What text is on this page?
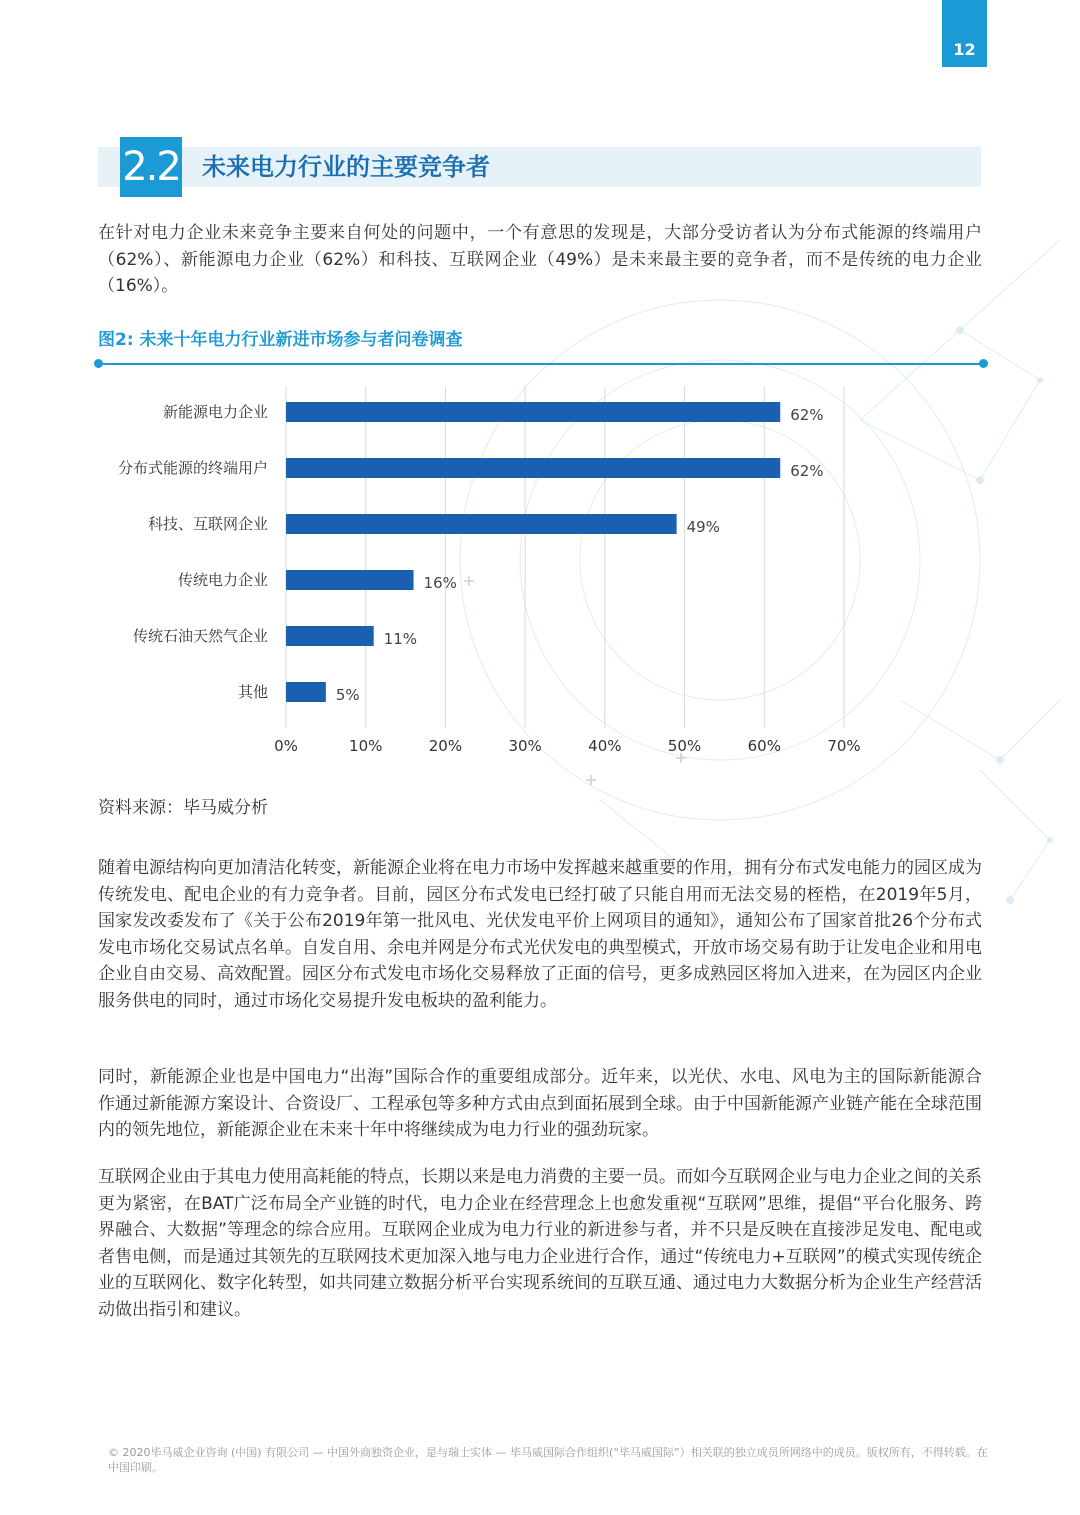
12
2.2 未来电力行业的主要竞争者

在针对电力企业未来竞争主要来自何处的问题中，一个有意思的发现是，大部分受访者认为分布式能源的终端用户（62%）、新能源电力企业（62%）和科技、互联网企业（49%）是未来最主要的竞争者，而不是传统的电力企业（16%）。

图2: 未来十年电力行业新进市场参与者问卷调查
0%	10%	20%	30%	40%	50%	60%	70%
新能源电力企业	62%
分布式能源的终端用户	62%
科技、互联网企业	49%
传统电力企业	16%
传统石油天然气企业	11%
其他	5%
资料来源：毕马威分析

随着电源结构向更加清洁化转变，新能源企业将在电力市场中发挥越来越重要的作用，拥有分布式发电能力的园区成为传统发电、配电企业的有力竞争者。目前，园区分布式发电已经打破了只能自用而无法交易的桎梏，在2019年5月，国家发改委发布了《关于公布2019年第一批风电、光伏发电平价上网项目的通知》，通知公布了国家首批26个分布式发电市场化交易试点名单。自发自用、余电并网是分布式光伏发电的典型模式，开放市场交易有助于让发电企业和用电企业自由交易、高效配置。园区分布式发电市场化交易释放了正面的信号，更多成熟园区将加入进来，在为园区内企业服务供电的同时，通过市场化交易提升发电板块的盈利能力。

同时，新能源企业也是中国电力“出海”国际合作的重要组成部分。近年来，以光伏、水电、风电为主的国际新能源合作通过新能源方案设计、合资设厂、工程承包等多种方式由点到面拓展到全球。由于中国新能源产业链产能在全球范围内的领先地位，新能源企业在未来十年中将继续成为电力行业的强劲玩家。

互联网企业由于其电力使用高耗能的特点，长期以来是电力消费的主要一员。而如今互联网企业与电力企业之间的关系更为紧密，在BAT广泛布局全产业链的时代，电力企业在经营理念上也愈发重视“互联网”思维，提倡“平台化服务、跨界融合、大数据”等理念的综合应用。互联网企业成为电力行业的新进参与者，并不只是反映在直接涉足发电、配电或者售电侧，而是通过其领先的互联网技术更加深入地与电力企业进行合作，通过“传统电力+互联网”的模式实现传统企业的互联网化、数字化转型，如共同建立数据分析平台实现系统间的互联互通、通过电力大数据分析为企业生产经营活动做出指引和建议。

© 2020毕马威企业咨询 (中国) 有限公司 — 中国外商独资企业，是与瑞士实体 — 毕马威国际合作组织(“毕马威国际”）相关联的独立成员所网络中的成员。版权所有，不得转载。在中国印刷。
